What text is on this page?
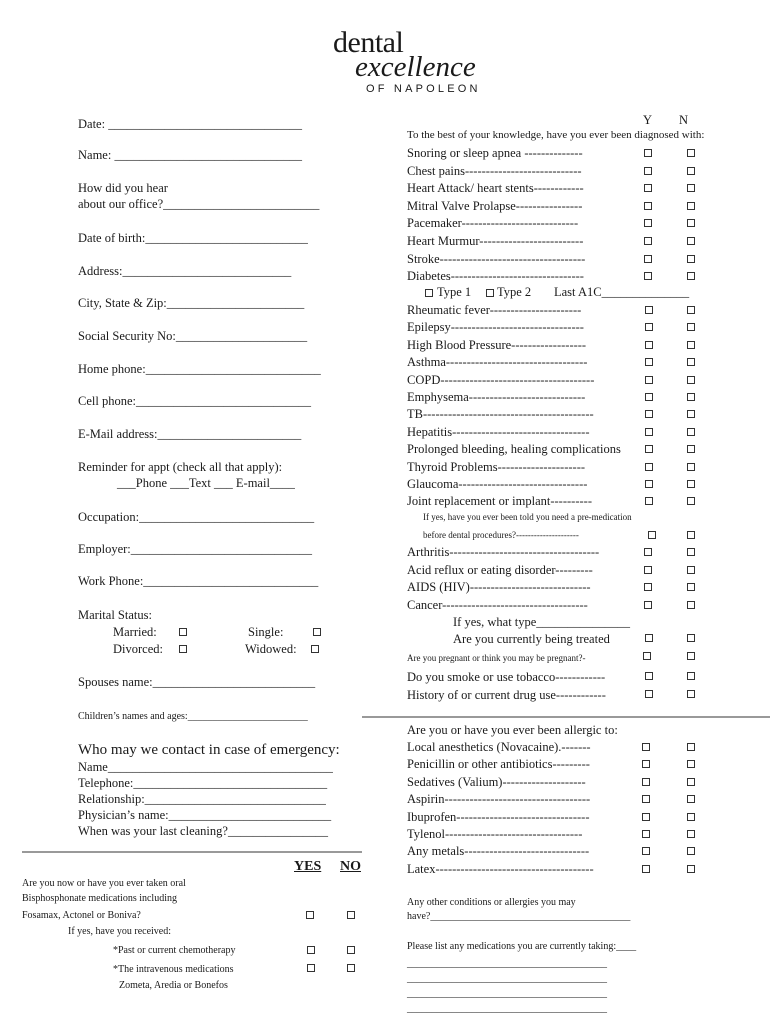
dental
excellence
OF NAPOLEON
Date: _______________________________
Name: ______________________________
How did you hear
about our office?_________________________
Date of birth:__________________________
Address:___________________________
City, State & Zip:______________________
Social Security No:_____________________
Home phone:____________________________
Cell phone:____________________________
E-Mail address:_______________________
Reminder for appt (check all that apply):
___Phone ___Text ___ E-mail____
Occupation:____________________________
Employer:_____________________________
Work Phone:____________________________
Marital Status:
Married:	Single:
Divorced:	Widowed:
Spouses name:__________________________
Children’s names and ages:________________________
Who may we contact in case of emergency:
Name____________________________________
Telephone:_______________________________
Relationship:_____________________________
Physician’s name:__________________________
When was your last cleaning?________________
YES NO
Are you now or have you ever taken oral
Bisphosphonate medications including
Fosamax, Actonel or Boniva?
If yes, have you received:
*Past or current chemotherapy
*The intravenous medications
Zometa, Aredia or Bonefos
Y N
To the best of your knowledge, have you ever been diagnosed with:
Snoring or sleep apnea --------------
Chest pains----------------------------
Heart Attack/ heart stents------------
Mitral Valve Prolapse----------------
Pacemaker----------------------------
Heart Murmur-------------------------
Stroke-----------------------------------
Diabetes--------------------------------
Type 1 Type 2 Last A1C______________
Rheumatic fever----------------------
Epilepsy--------------------------------
High Blood Pressure------------------
Asthma----------------------------------
COPD-------------------------------------
Emphysema----------------------------
TB-----------------------------------------
Hepatitis---------------------------------
Prolonged bleeding, healing complications
Thyroid Problems---------------------
Glaucoma-------------------------------
Joint replacement or implant----------
If yes, have you ever been told you need a pre-medication
before dental procedures?---------------------
Arthritis------------------------------------
Acid reflux or eating disorder---------
AIDS (HIV)-----------------------------
Cancer-----------------------------------
If yes, what type_______________
Are you currently being treated
Are you pregnant or think you may be pregnant?-
Do you smoke or use tobacco------------
History of or current drug use------------
Are you or have you ever been allergic to:
Local anesthetics (Novacaine).-------
Penicillin or other antibiotics---------
Sedatives (Valium)--------------------
Aspirin-----------------------------------
Ibuprofen--------------------------------
Tylenol---------------------------------
Any metals------------------------------
Latex--------------------------------------
Any other conditions or allergies you may
have?________________________________________
Please list any medications you are currently taking:____
________________________________________
________________________________________
________________________________________
________________________________________
